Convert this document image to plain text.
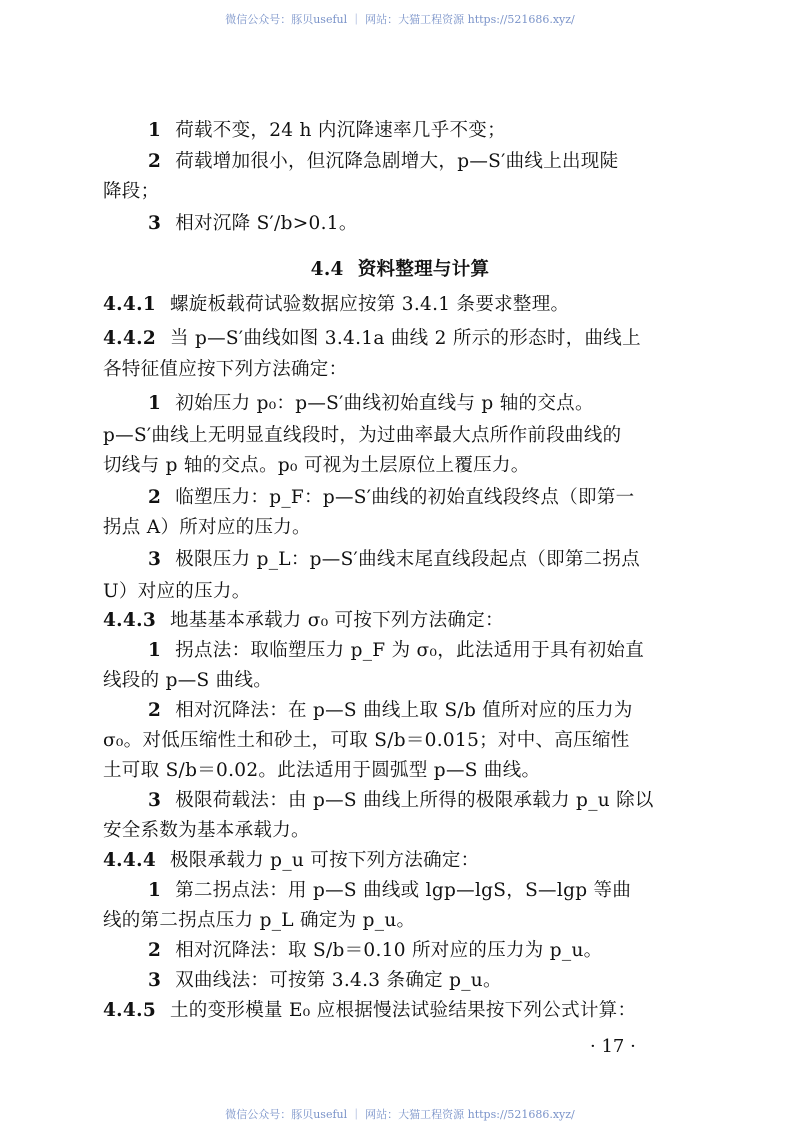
微信公众号：豚贝useful ｜ 网站：大猫工程资源 https://521686.xyz/
1 荷载不变，24 h 内沉降速率几乎不变；
2 荷载增加很小，但沉降急剧增大，p—S′曲线上出现陡
降段；
3 相对沉降 S′/b>0.1。
4.4 资料整理与计算
4.4.1 螺旋板载荷试验数据应按第 3.4.1 条要求整理。
4.4.2 当 p—S′曲线如图 3.4.1a 曲线 2 所示的形态时，曲线上
各特征值应按下列方法确定：
1 初始压力 p₀：p—S′曲线初始直线与 p 轴的交点。
p—S′曲线上无明显直线段时，为过曲率最大点所作前段曲线的
切线与 p 轴的交点。p₀ 可视为土层原位上覆压力。
2 临塑压力：p_F：p—S′曲线的初始直线段终点（即第一
拐点 A）所对应的压力。
3 极限压力 p_L：p—S′曲线末尾直线段起点（即第二拐点
U）对应的压力。
4.4.3 地基基本承载力 σ₀ 可按下列方法确定：
1 拐点法：取临塑压力 p_F 为 σ₀，此法适用于具有初始直
线段的 p—S 曲线。
2 相对沉降法：在 p—S 曲线上取 S/b 值所对应的压力为
σ₀。对低压缩性土和砂土，可取 S/b＝0.015；对中、高压缩性
土可取 S/b＝0.02。此法适用于圆弧型 p—S 曲线。
3 极限荷载法：由 p—S 曲线上所得的极限承载力 p_u 除以
安全系数为基本承载力。
4.4.4 极限承载力 p_u 可按下列方法确定：
1 第二拐点法：用 p—S 曲线或 lgp—lgS，S—lgp 等曲
线的第二拐点压力 p_L 确定为 p_u。
2 相对沉降法：取 S/b＝0.10 所对应的压力为 p_u。
3 双曲线法：可按第 3.4.3 条确定 p_u。
4.4.5 土的变形模量 E₀ 应根据慢法试验结果按下列公式计算：
· 17 ·
微信公众号：豚贝useful ｜ 网站：大猫工程资源 https://521686.xyz/
